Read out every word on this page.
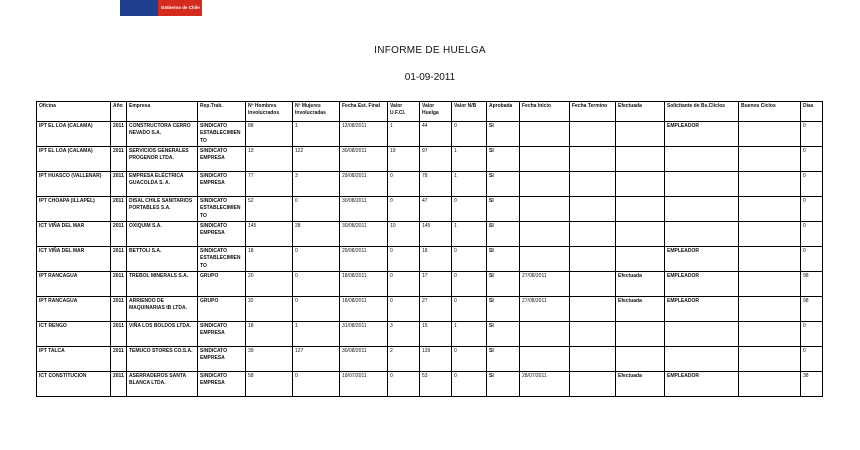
Gobierno de Chile
INFORME DE HUELGA
01-09-2011
Oficina	Año	Empresa	Rep.Trab.	Nº Hombres Involucrados	Nº Mujeres Involucradas	Fecha Est. Final	Valor U.F.Cl.	Valor Huelga	Valor N/B	Aprobada	Fecha Inicio	Fecha Termino	Efectuada	Solicitante de Bs.Cliclos	Buenos Ciclos	Días
IPT EL LOA (CALAMA)	2011	CONSTRUCTORA CERRO NEVADO S.A.	SINDICATO ESTABLECIMIENTO	88	1	12/08/2011	1	44	0	SI				EMPLEADOR		0
IPT EL LOA (CALAMA)	2011	SERVICIOS GENERALES PROGENOR LTDA.	SINDICATO EMPRESA	13	122	30/08/2011	19	97	1	SI						0
IPT HUASCO (VALLENAR)	2011	EMPRESA ELÉCTRICA GUACOLDA S. A.	SINDICATO EMPRESA	77	3	29/08/2011	0	78	1	SI						0
IPT CHOAPA (ILLAPEL)	2011	DISAL CHILE SANITARIOS PORTABLES S.A.	SINDICATO ESTABLECIMIENTO	52	0	30/08/2011	0	47	0	SI						0
ICT VIÑA DEL MAR	2011	OXIQUIM S.A.	SINDICATO EMPRESA	145	28	30/08/2011	10	145	1	SI						0
ICT VIÑA DEL MAR	2011	BETTOLI S.A.	SINDICATO ESTABLECIMIENTO	18	0	29/08/2011	0	18	0	SI				EMPLEADOR		0
IPT RANCAGUA	2011	TREBOL MINERALS S.A.	GRUPO	20	0	18/08/2011	0	17	0	SI	27/08/2011		Efectuada	EMPLEADOR		98
IPT RANCAGUA	2011	ARRIENDO DE MAQUINARIAS IB LTDA.	GRUPO	32	0	18/08/2011	0	27	0	SI	27/08/2011		Efectuada	EMPLEADOR		98
ICT RENGO	2011	VIÑA LOS BOLDOS LTDA.	SINDICATO EMPRESA	18	1	31/08/2011	3	15	1	SI						0
IPT TALCA	2011	TEMUCO STORES CO.S.A.	SINDICATO EMPRESA	39	127	30/08/2011	2	139	0	SI						0
ICT CONSTITUCION	2011	ASERRADEROS SANTA BLANCA LTDA.	SINDICATO EMPRESA	58	0	19/07/2011	0	53	0	SI	28/07/2011		Efectuada	EMPLEADOR		38
